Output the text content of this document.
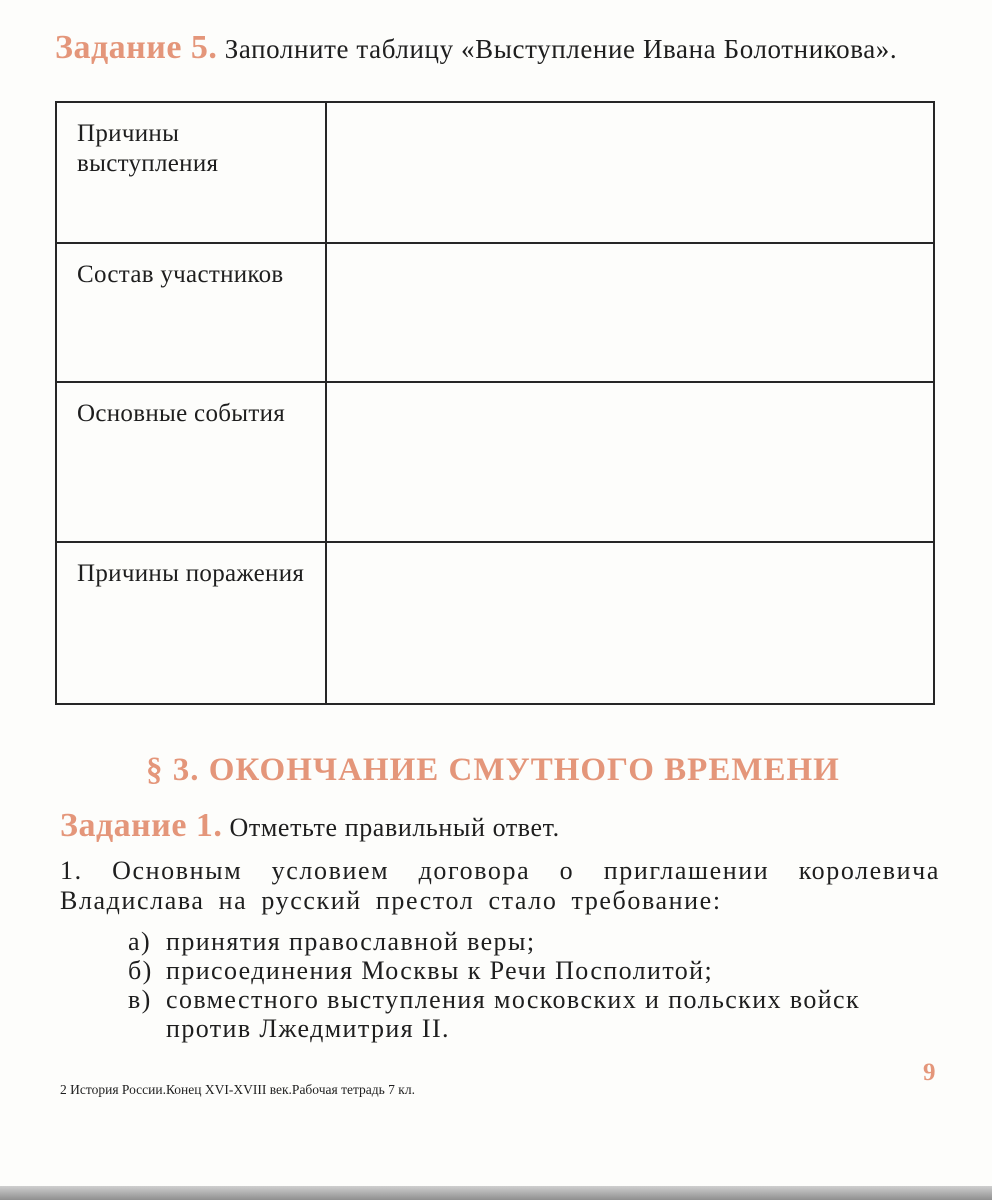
Задание 5. Заполните таблицу «Выступление Ивана Болотникова».
Причины выступления	
Состав участников	
Основные события	
Причины поражения	
§ 3. ОКОНЧАНИЕ СМУТНОГО ВРЕМЕНИ
Задание 1. Отметьте правильный ответ.
1. Основным условием договора о приглашении королевича Владислава на русский престол стало требование:
а) принятия православной веры;
б) присоединения Москвы к Речи Посполитой;
в) совместного выступления московских и польских войск против Лжедмитрия II.
2 История России.Конец XVI-XVIII век.Рабочая тетрадь 7 кл.
9
